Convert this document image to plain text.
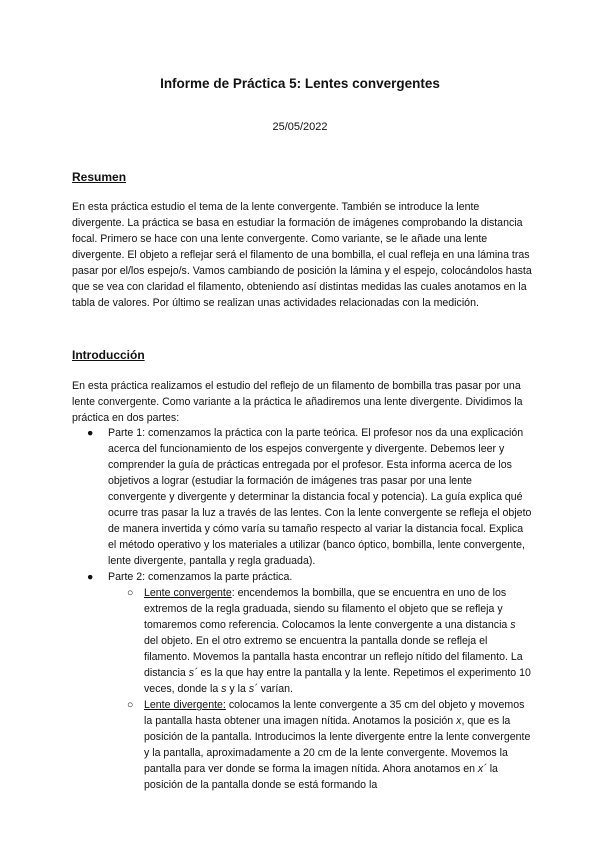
Informe de Práctica 5: Lentes convergentes
25/05/2022
Resumen
En esta práctica estudio el tema de la lente convergente. También se introduce la lente divergente. La práctica se basa en estudiar la formación de imágenes comprobando la distancia focal. Primero se hace con una lente convergente. Como variante, se le añade una lente divergente. El objeto a reflejar será el filamento de una bombilla, el cual refleja en una lámina tras pasar por el/los espejo/s. Vamos cambiando de posición la lámina y el espejo, colocándolos hasta que se vea con claridad el filamento, obteniendo así distintas medidas las cuales anotamos en la tabla de valores. Por último se realizan unas actividades relacionadas con la medición.
Introducción
En esta práctica realizamos el estudio del reflejo de un filamento de bombilla tras pasar por una lente convergente. Como variante a la práctica le añadiremos una lente divergente. Dividimos la práctica en dos partes:
● Parte 1: comenzamos la práctica con la parte teórica. El profesor nos da una explicación acerca del funcionamiento de los espejos convergente y divergente. Debemos leer y comprender la guía de prácticas entregada por el profesor. Esta informa acerca de los objetivos a lograr (estudiar la formación de imágenes tras pasar por una lente convergente y divergente y determinar la distancia focal y potencia). La guía explica qué ocurre tras pasar la luz a través de las lentes. Con la lente convergente se refleja el objeto de manera invertida y cómo varía su tamaño respecto al variar la distancia focal. Explica el método operativo y los materiales a utilizar (banco óptico, bombilla, lente convergente, lente divergente, pantalla y regla graduada).
● Parte 2: comenzamos la parte práctica.
○ Lente convergente: encendemos la bombilla, que se encuentra en uno de los extremos de la regla graduada, siendo su filamento el objeto que se refleja y tomaremos como referencia. Colocamos la lente convergente a una distancia s del objeto. En el otro extremo se encuentra la pantalla donde se refleja el filamento. Movemos la pantalla hasta encontrar un reflejo nítido del filamento. La distancia s´ es la que hay entre la pantalla y la lente. Repetimos el experimento 10 veces, donde la s y la s´ varían.
○ Lente divergente: colocamos la lente convergente a 35 cm del objeto y movemos la pantalla hasta obtener una imagen nítida. Anotamos la posición x, que es la posición de la pantalla. Introducimos la lente divergente entre la lente convergente y la pantalla, aproximadamente a 20 cm de la lente convergente. Movemos la pantalla para ver donde se forma la imagen nítida. Ahora anotamos en x´ la posición de la pantalla donde se está formando la
